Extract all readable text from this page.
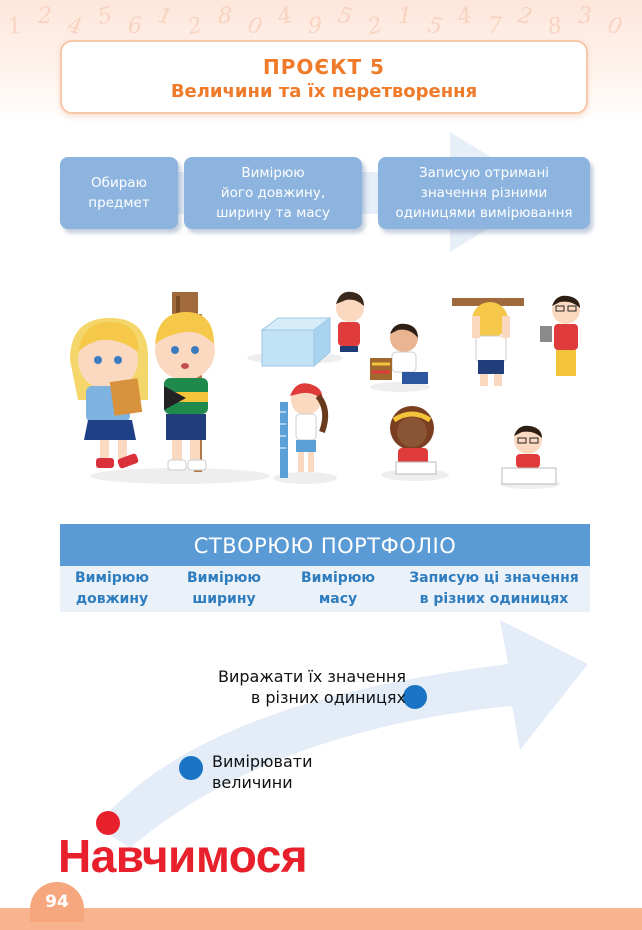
1 2 4 5 6 1 2 8 0 4 9 5 2 1 5 4 7 2 8 3 0
ПРОЄКТ 5
Величини та їх перетворення
Обираю
предмет
Вимірюю
його довжину,
ширину та масу
Записую отримані
значення різними
одиницями вимірювання
СТВОРЮЮ ПОРТФОЛІО
Вимірюю
довжину
Вимірюю
ширину
Вимірюю
масу
Записую ці значення
в різних одиницях
Виражати їх значення
в різних одиницях
Вимірювати
величини
Навчимося
94
